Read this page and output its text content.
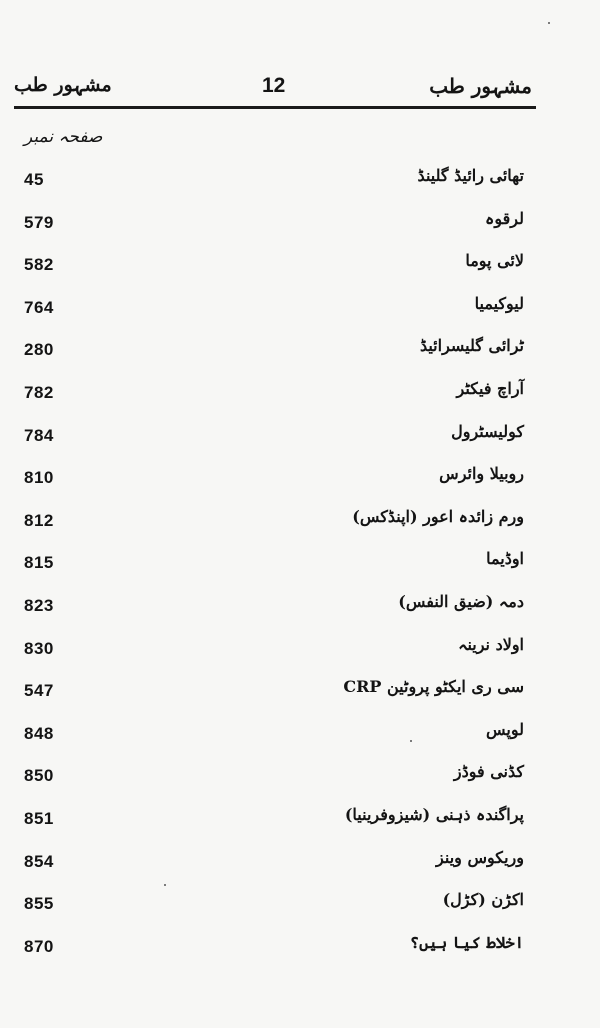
مشہور طب	12	مشہور طب
صفحہ نمبر
45	تھائی رائیڈ گلینڈ
579	لرقوہ
582	لائی پوما
764	لیوکیمیا
280	ٹرائی گلیسرائیڈ
782	آراچ فیکٹر
784	کولیسٹرول
810	روبیلا وائرس
812	ورم زائدہ اعور (اپنڈکس)
815	اوڈیما
823	دمہ (ضیق النفس)
830	اولاد نرینہ
547	سی ری ایکٹو پروٹین CRP
848	لوپس
850	کڈنی فوڈز
851	پراگندہ ذہنی (شیزوفرینیا)
854	وریکوس وینز
855	اکڑن (کڑل)
870	اخلاط کیا ہیں؟
